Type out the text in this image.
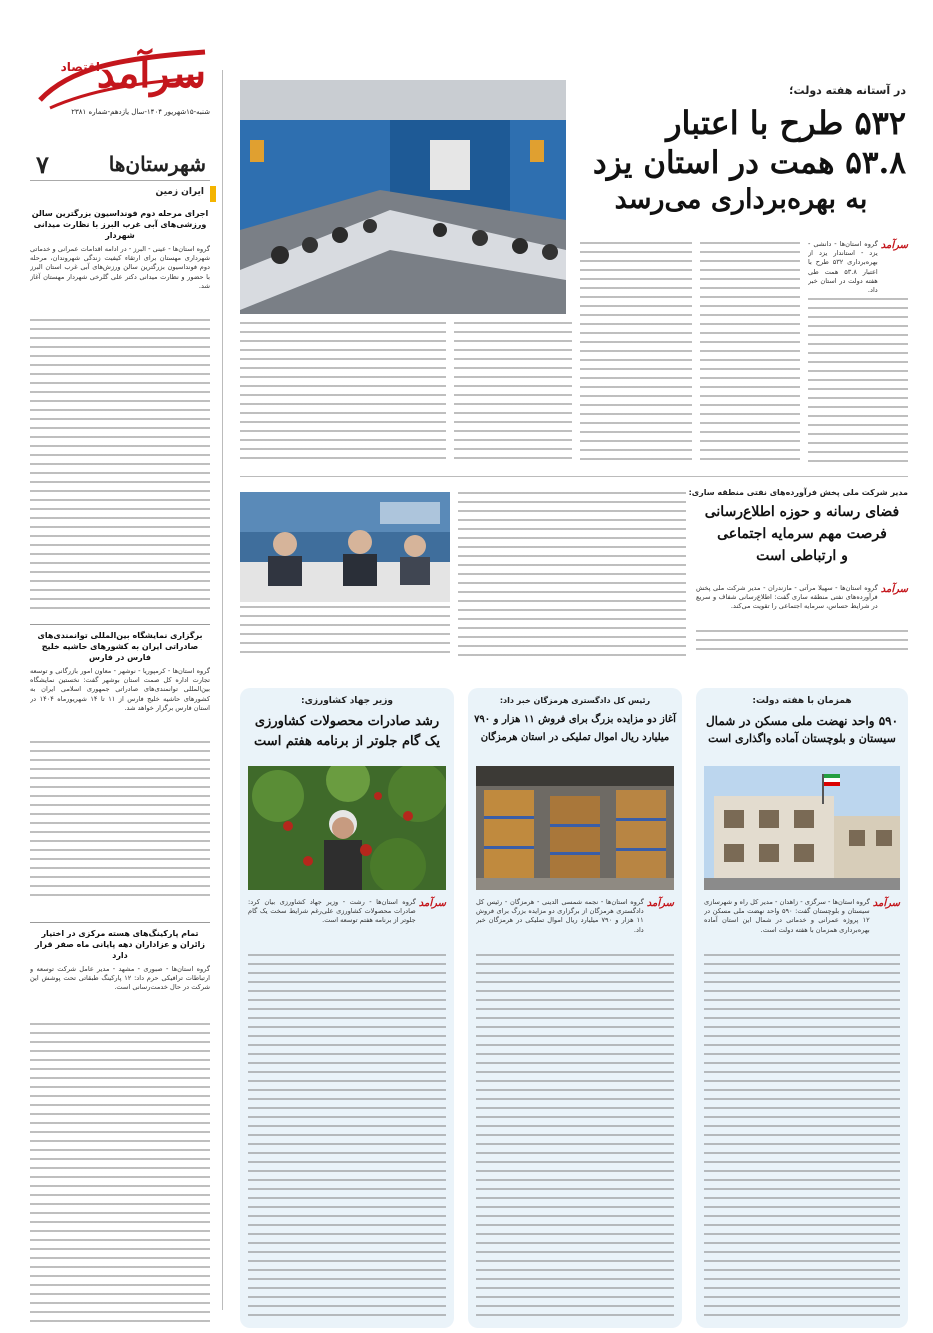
سرآمد
اقتصاد
شنبه-۱۵شهریور ۱۴۰۴-سال یازدهم-شماره ۲۳۸۱
شهرستان‌ها
۷
ایران زمین
اجرای مرحله دوم فونداسیون بزرگترین سالن ورزشی‌های آبی غرب البرز با نظارت میدانی شهردار
گروه استان‌ها - عینی - البرز - در ادامه اقدامات عمرانی و خدماتی شهرداری مهستان برای ارتقاء کیفیت زندگی شهروندان، مرحله دوم فونداسیون بزرگترین سالن ورزش‌های آبی غرب استان البرز با حضور و نظارت میدانی دکتر علی گلرخی شهردار مهستان آغاز شد.
برگزاری نمایشگاه بین‌المللی توانمندی‌های صادراتی ایران به کشورهای حاشیه خلیج فارس در فارس
گروه استان‌ها - کرمپوریا - نوشهر - معاون امور بازرگانی و توسعه تجارت اداره کل صمت استان بوشهر گفت: نخستین نمایشگاه بین‌المللی توانمندی‌های صادراتی جمهوری اسلامی ایران به کشورهای حاشیه خلیج فارس از ۱۱ تا ۱۴ شهریورماه ۱۴۰۴ در استان فارس برگزار خواهد شد.
تمام پارکینگ‌های هسته مرکزی در اختیار زائران و عزاداران دهه پایانی ماه صفر قرار دارد
گروه استان‌ها - صبوری - مشهد - مدیر عامل شرکت توسعه و ارتباطات ترافیکی حرم داد: ۱۲ پارکینگ طبقاتی تحت پوشش این شرکت در حال خدمت‌رسانی است.
در آستانه هفته دولت؛
۵۳۲ طرح با اعتبار
۵۳.۸ همت در استان یزد
به بهره‌برداری می‌رسد
سرآمد
گروه استان‌ها - دانشی - یزد - استاندار یزد از بهره‌برداری ۵۳۲ طرح با اعتبار ۵۳.۸ همت طی هفته دولت در استان خبر داد.
مدیر شرکت ملی پخش فرآورده‌های نفتی منطقه ساری:
فضای رسانه و حوزه اطلاع‌رسانی
فرصت مهم سرمایه اجتماعی
و ارتباطی است
سرآمد
گروه استان‌ها - سهیلا مرآتی - مازندران - مدیر شرکت ملی پخش فرآورده‌های نفتی منطقه ساری گفت: اطلاع‌رسانی شفاف و سریع در شرایط حساس، سرمایه اجتماعی را تقویت می‌کند.
همزمان با هفته دولت:
۵۹۰ واحد نهضت ملی مسکن در شمال
سیستان و بلوچستان آماده واگذاری است
سرآمد
گروه استان‌ها - سرگزی - زاهدان - مدیر کل راه و شهرسازی سیستان و بلوچستان گفت: ۵۹۰ واحد نهضت ملی مسکن در ۱۲ پروژه عمرانی و خدماتی در شمال این استان آماده بهره‌برداری همزمان با هفته دولت است.
رئیس کل دادگستری هرمزگان خبر داد:
آغاز دو مزایده بزرگ برای فروش ۱۱ هزار و ۷۹۰
میلیارد ریال اموال تملیکی در استان هرمزگان
سرآمد
گروه استان‌ها - نجمه شمسی الدینی - هرمزگان - رئیس کل دادگستری هرمزگان از برگزاری دو مزایده بزرگ برای فروش ۱۱ هزار و ۷۹۰ میلیارد ریال اموال تملیکی در هرمزگان خبر داد.
وزیر جهاد کشاورزی:
رشد صادرات محصولات کشاورزی
یک گام جلوتر از برنامه هفتم است
سرآمد
گروه استان‌ها - رشت - وزیر جهاد کشاورزی بیان کرد: صادرات محصولات کشاورزی علی‌رغم شرایط سخت یک گام جلوتر از برنامه هفتم توسعه است.
